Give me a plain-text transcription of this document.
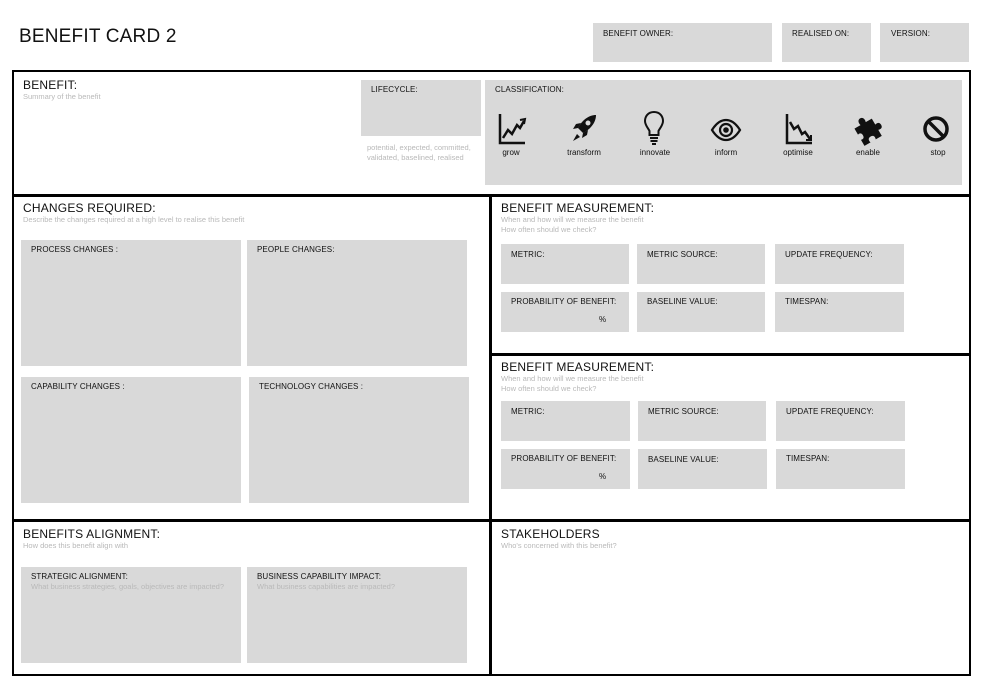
BENEFIT CARD 2	BENEFIT OWNER:	REALISED ON:	VERSION:
BENEFIT:
Summary of the benefit
LIFECYCLE:
potential, expected, committed, validated, baselined, realised
CLASSIFICATION:
grow	transform	innovate	inform	optimise	enable	stop
CHANGES REQUIRED:
Describe the changes required at a high level to realise this benefit
PROCESS CHANGES :	PEOPLE CHANGES:
CAPABILITY CHANGES :	TECHNOLOGY CHANGES :
BENEFIT MEASUREMENT:
When and how will we measure the benefit
How often should we check?
METRIC:	METRIC SOURCE:	UPDATE FREQUENCY:
PROBABILITY OF BENEFIT:
%
BASELINE VALUE:	TIMESPAN:
BENEFIT MEASUREMENT:
When and how will we measure the benefit
How often should we check?
METRIC:	METRIC SOURCE:	UPDATE FREQUENCY:
PROBABILITY OF BENEFIT:
%
BASELINE VALUE:	TIMESPAN:
BENEFITS ALIGNMENT:
How does this benefit align with
STRATEGIC ALIGNMENT:
What business strategies, goals, objectives are impacted?
BUSINESS CAPABILITY IMPACT:
What business capabilities are impacted?
STAKEHOLDERS
Who's concerned with this benefit?
